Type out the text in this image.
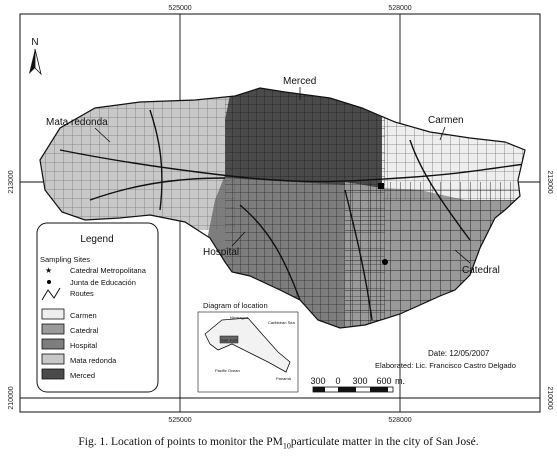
525000	528000
525000	528000
213000
210000
213000
210000
N
Merced
Mata redonda	Carmen
Hospital
Catedral
Legend
Sampling Sites
★ Catedral Metropolitana
Junta de Educación
Routes
Carmen
Catedral
Hospital
Mata redonda
Merced
Diagram of location
Nicaragua
Caribbean Sea
Pacific Ocean
Panamá
San José
Date: 12/05/2007
Elaborated: Lic. Francisco Castro Delgado
300 0 300 600 m.
Fig. 1. Location of points to monitor the $PM_{10}particulate$ matter in the city of San José.
